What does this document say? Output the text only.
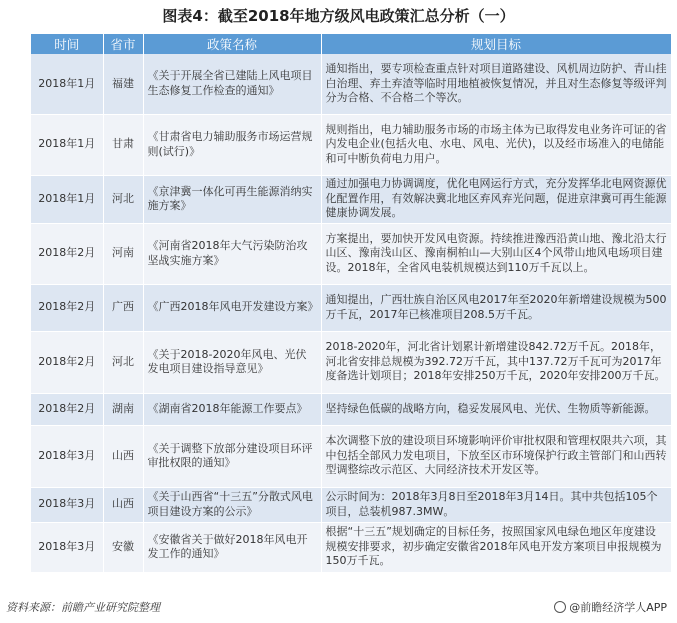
图表4：截至2018年地方级风电政策汇总分析（一）
时间	省市	政策名称	规划目标
2018年1月	福建	《关于开展全省已建陆上风电项目生态修复工作检查的通知》	通知指出，要专项检查重点针对项目道路建设、风机周边防护、青山挂白治理、弃土弃渣等临时用地植被恢复情况，并且对生态修复等级评判分为合格、不合格二个等次。
2018年1月	甘肃	《甘肃省电力辅助服务市场运营规则(试行)》	规则指出，电力辅助服务市场的市场主体为已取得发电业务许可证的省内发电企业(包括火电、水电、风电、光伏)，以及经市场准入的电储能和可中断负荷电力用户。
2018年1月	河北	《京津冀一体化可再生能源消纳实施方案》	通过加强电力协调调度，优化电网运行方式，充分发挥华北电网资源优化配置作用，有效解决冀北地区弃风弃光问题，促进京津冀可再生能源健康协调发展。
2018年2月	河南	《河南省2018年大气污染防治攻坚战实施方案》	方案提出，要加快开发风电资源。持续推进豫西沿黄山地、豫北沿太行山区、豫南浅山区、豫南桐柏山—大别山区4个风带山地风电场项目建设。2018年，全省风电装机规模达到110万千瓦以上。
2018年2月	广西	《广西2018年风电开发建设方案》	通知提出，广西壮族自治区风电2017年至2020年新增建设规模为500万千瓦，2017年已核准项目208.5万千瓦。
2018年2月	河北	《关于2018-2020年风电、光伏发电项目建设指导意见》	2018-2020年，河北省计划累计新增建设842.72万千瓦。2018年，河北省安排总规模为392.72万千瓦，其中137.72万千瓦可为2017年度备选计划项目；2018年安排250万千瓦，2020年安排200万千瓦。
2018年2月	湖南	《湖南省2018年能源工作要点》	坚持绿色低碳的战略方向，稳妥发展风电、光伏、生物质等新能源。
2018年3月	山西	《关于调整下放部分建设项目环评审批权限的通知》	本次调整下放的建设项目环境影响评价审批权限和管理权限共六项，其中包括全部风力发电项目，下放至区市环境保护行政主管部门和山西转型调整综改示范区、大同经济技术开发区等。
2018年3月	山西	《关于山西省“十三五”分散式风电项目建设方案的公示》	公示时间为：2018年3月8日至2018年3月14日。其中共包括105个项目，总装机987.3MW。
2018年3月	安徽	《安徽省关于做好2018年风电开发工作的通知》	根据“十三五”规划确定的目标任务，按照国家风电绿色地区年度建设规模安排要求，初步确定安徽省2018年风电开发方案项目申报规模为150万千瓦。
资料来源：前瞻产业研究院整理	@前瞻经济学人APP
